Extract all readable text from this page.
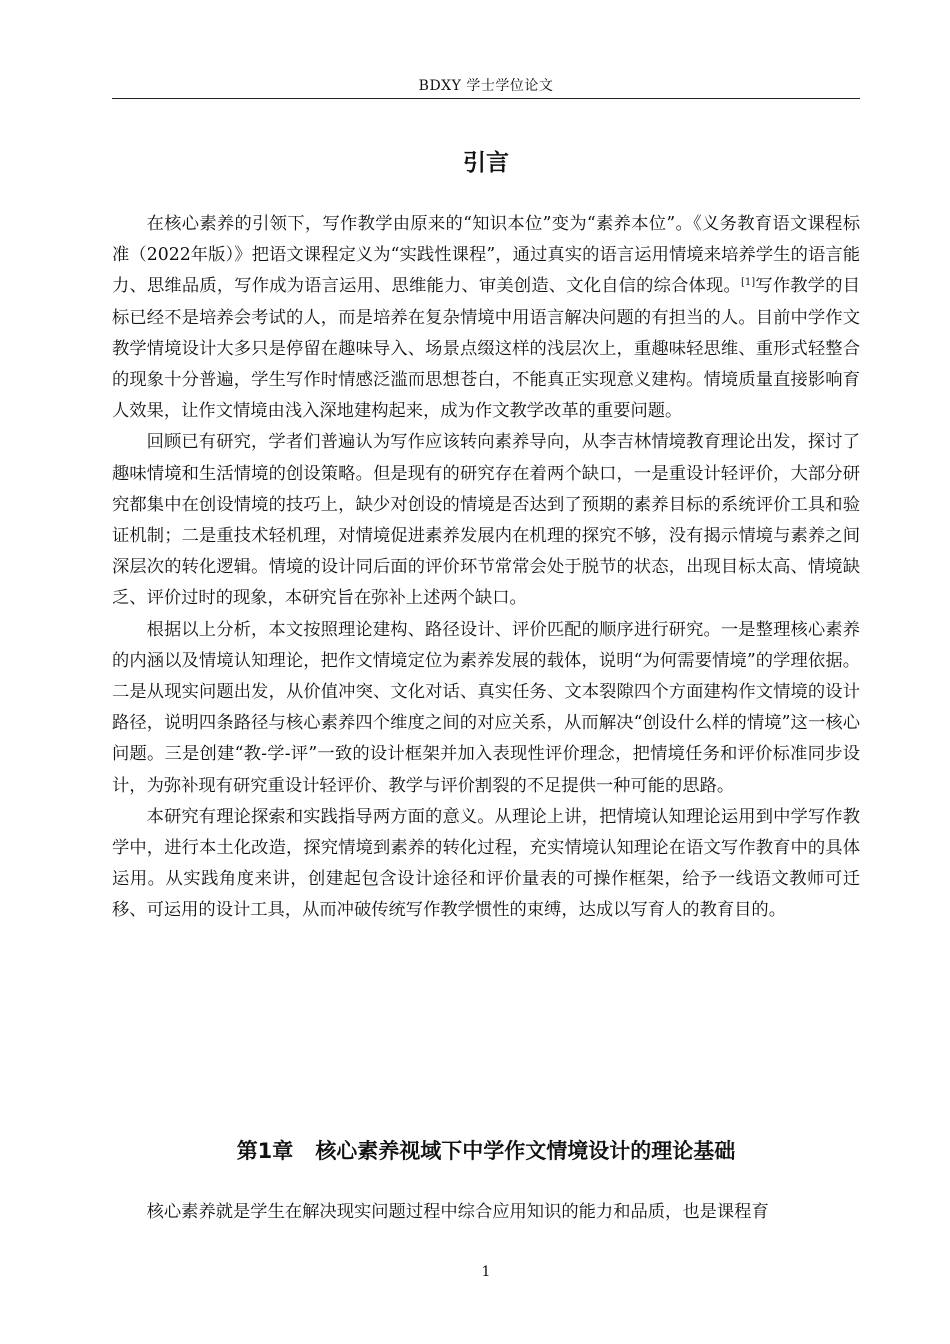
BDXY 学士学位论文
引言

在核心素养的引领下，写作教学由原来的“知识本位”变为“素养本位”。《义务教育语文课程标准（2022年版）》把语文课程定义为“实践性课程”，通过真实的语言运用情境来培养学生的语言能力、思维品质，写作成为语言运用、思维能力、审美创造、文化自信的综合体现。[1]写作教学的目标已经不是培养会考试的人，而是培养在复杂情境中用语言解决问题的有担当的人。目前中学作文教学情境设计大多只是停留在趣味导入、场景点缀这样的浅层次上，重趣味轻思维、重形式轻整合的现象十分普遍，学生写作时情感泛滥而思想苍白，不能真正实现意义建构。情境质量直接影响育人效果，让作文情境由浅入深地建构起来，成为作文教学改革的重要问题。

回顾已有研究，学者们普遍认为写作应该转向素养导向，从李吉林情境教育理论出发，探讨了趣味情境和生活情境的创设策略。但是现有的研究存在着两个缺口，一是重设计轻评价，大部分研究都集中在创设情境的技巧上，缺少对创设的情境是否达到了预期的素养目标的系统评价工具和验证机制；二是重技术轻机理，对情境促进素养发展内在机理的探究不够，没有揭示情境与素养之间深层次的转化逻辑。情境的设计同后面的评价环节常常会处于脱节的状态，出现目标太高、情境缺乏、评价过时的现象，本研究旨在弥补上述两个缺口。

根据以上分析，本文按照理论建构、路径设计、评价匹配的顺序进行研究。一是整理核心素养的内涵以及情境认知理论，把作文情境定位为素养发展的载体，说明“为何需要情境”的学理依据。二是从现实问题出发，从价值冲突、文化对话、真实任务、文本裂隙四个方面建构作文情境的设计路径，说明四条路径与核心素养四个维度之间的对应关系，从而解决“创设什么样的情境”这一核心问题。三是创建“教-学-评”一致的设计框架并加入表现性评价理念，把情境任务和评价标准同步设计，为弥补现有研究重设计轻评价、教学与评价割裂的不足提供一种可能的思路。

本研究有理论探索和实践指导两方面的意义。从理论上讲，把情境认知理论运用到中学写作教学中，进行本土化改造，探究情境到素养的转化过程，充实情境认知理论在语文写作教育中的具体运用。从实践角度来讲，创建起包含设计途径和评价量表的可操作框架，给予一线语文教师可迁移、可运用的设计工具，从而冲破传统写作教学惯性的束缚，达成以写育人的教育目的。

第1章 核心素养视域下中学作文情境设计的理论基础

核心素养就是学生在解决现实问题过程中综合应用知识的能力和品质，也是课程育

1
